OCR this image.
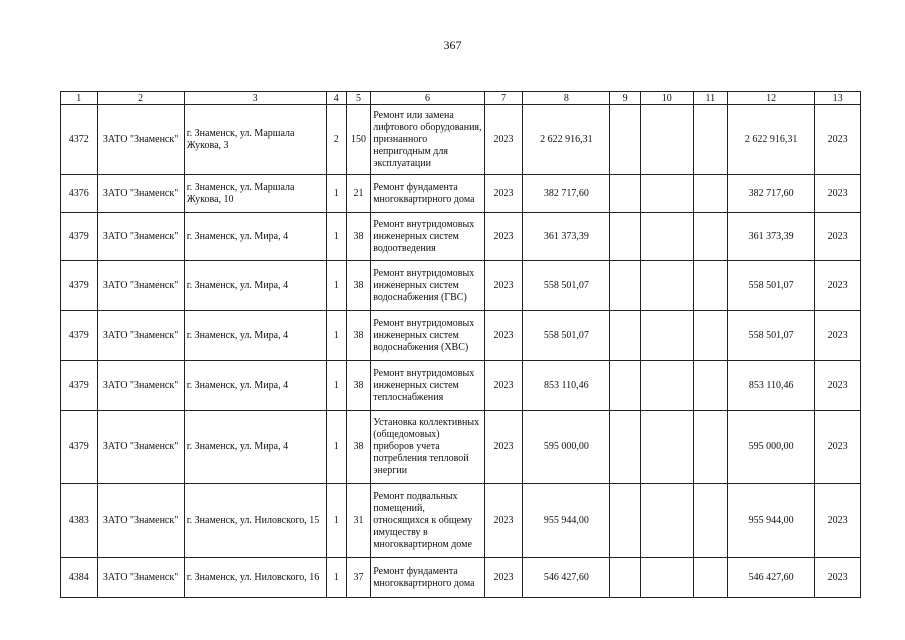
367
1	2	3	4	5	6	7	8	9	10	11	12	13
4372	ЗАТО "Знаменск"	г. Знаменск, ул. Маршала Жукова, 3	2	150	Ремонт или замена лифтового оборудования, признанного непригодным для эксплуатации	2023	2 622 916,31				2 622 916,31	2023
4376	ЗАТО "Знаменск"	г. Знаменск, ул. Маршала Жукова, 10	1	21	Ремонт фундамента многоквартирного дома	2023	382 717,60				382 717,60	2023
4379	ЗАТО "Знаменск"	г. Знаменск, ул. Мира, 4	1	38	Ремонт внутридомовых инженерных систем водоотведения	2023	361 373,39				361 373,39	2023
4379	ЗАТО "Знаменск"	г. Знаменск, ул. Мира, 4	1	38	Ремонт внутридомовых инженерных систем водоснабжения (ГВС)	2023	558 501,07				558 501,07	2023
4379	ЗАТО "Знаменск"	г. Знаменск, ул. Мира, 4	1	38	Ремонт внутридомовых инженерных систем водоснабжения (ХВС)	2023	558 501,07				558 501,07	2023
4379	ЗАТО "Знаменск"	г. Знаменск, ул. Мира, 4	1	38	Ремонт внутридомовых инженерных систем теплоснабжения	2023	853 110,46				853 110,46	2023
4379	ЗАТО "Знаменск"	г. Знаменск, ул. Мира, 4	1	38	Установка коллективных (общедомовых) приборов учета потребления тепловой энергии	2023	595 000,00				595 000,00	2023
4383	ЗАТО "Знаменск"	г. Знаменск, ул. Ниловского, 15	1	31	Ремонт подвальных помещений, относящихся к общему имуществу в многоквартирном доме	2023	955 944,00				955 944,00	2023
4384	ЗАТО "Знаменск"	г. Знаменск, ул. Ниловского, 16	1	37	Ремонт фундамента многоквартирного дома	2023	546 427,60				546 427,60	2023
